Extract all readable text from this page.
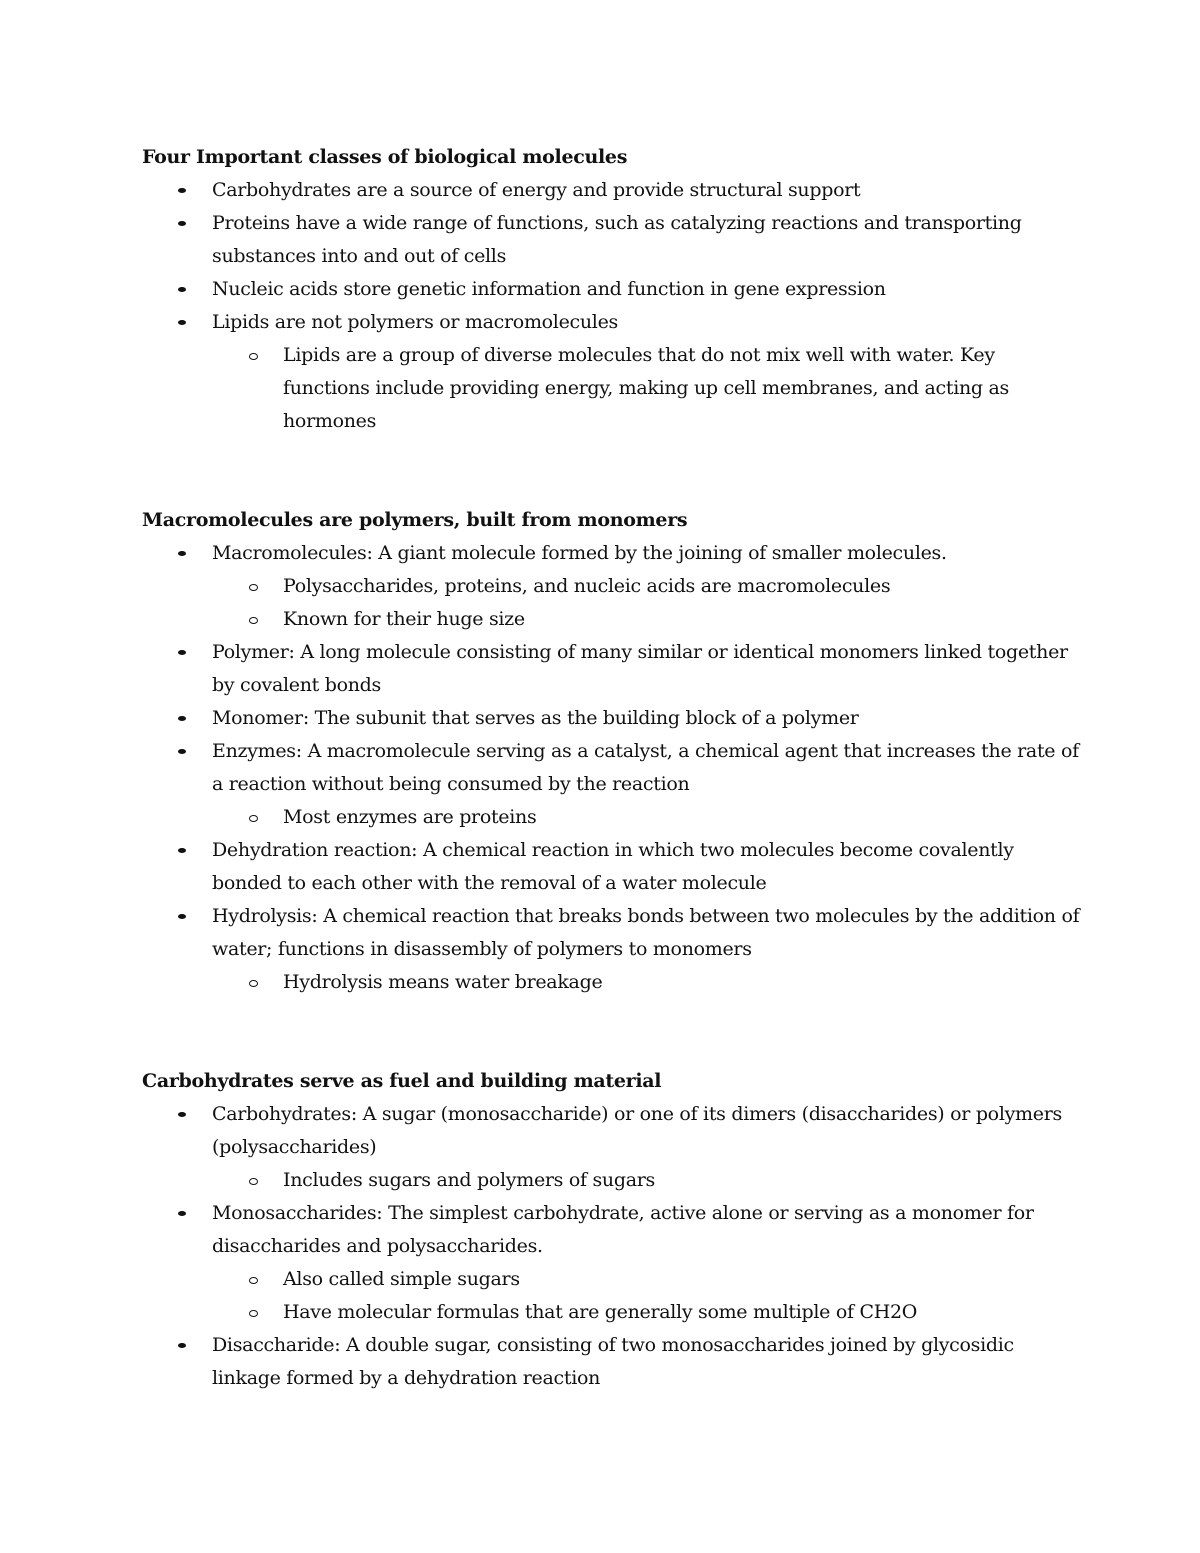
Four Important classes of biological molecules
Carbohydrates are a source of energy and provide structural support
Proteins have a wide range of functions, such as catalyzing reactions and transporting substances into and out of cells
Nucleic acids store genetic information and function in gene expression
Lipids are not polymers or macromolecules
Lipids are a group of diverse molecules that do not mix well with water. Key functions include providing energy, making up cell membranes, and acting as hormones
Macromolecules are polymers, built from monomers
Macromolecules: A giant molecule formed by the joining of smaller molecules.
Polysaccharides, proteins, and nucleic acids are macromolecules
Known for their huge size
Polymer: A long molecule consisting of many similar or identical monomers linked together by covalent bonds
Monomer: The subunit that serves as the building block of a polymer
Enzymes: A macromolecule serving as a catalyst, a chemical agent that increases the rate of a reaction without being consumed by the reaction
Most enzymes are proteins
Dehydration reaction: A chemical reaction in which two molecules become covalently bonded to each other with the removal of a water molecule
Hydrolysis: A chemical reaction that breaks bonds between two molecules by the addition of water; functions in disassembly of polymers to monomers
Hydrolysis means water breakage
Carbohydrates serve as fuel and building material
Carbohydrates: A sugar (monosaccharide) or one of its dimers (disaccharides) or polymers (polysaccharides)
Includes sugars and polymers of sugars
Monosaccharides: The simplest carbohydrate, active alone or serving as a monomer for disaccharides and polysaccharides.
Also called simple sugars
Have molecular formulas that are generally some multiple of CH2O
Disaccharide: A double sugar, consisting of two monosaccharides joined by glycosidic linkage formed by a dehydration reaction
